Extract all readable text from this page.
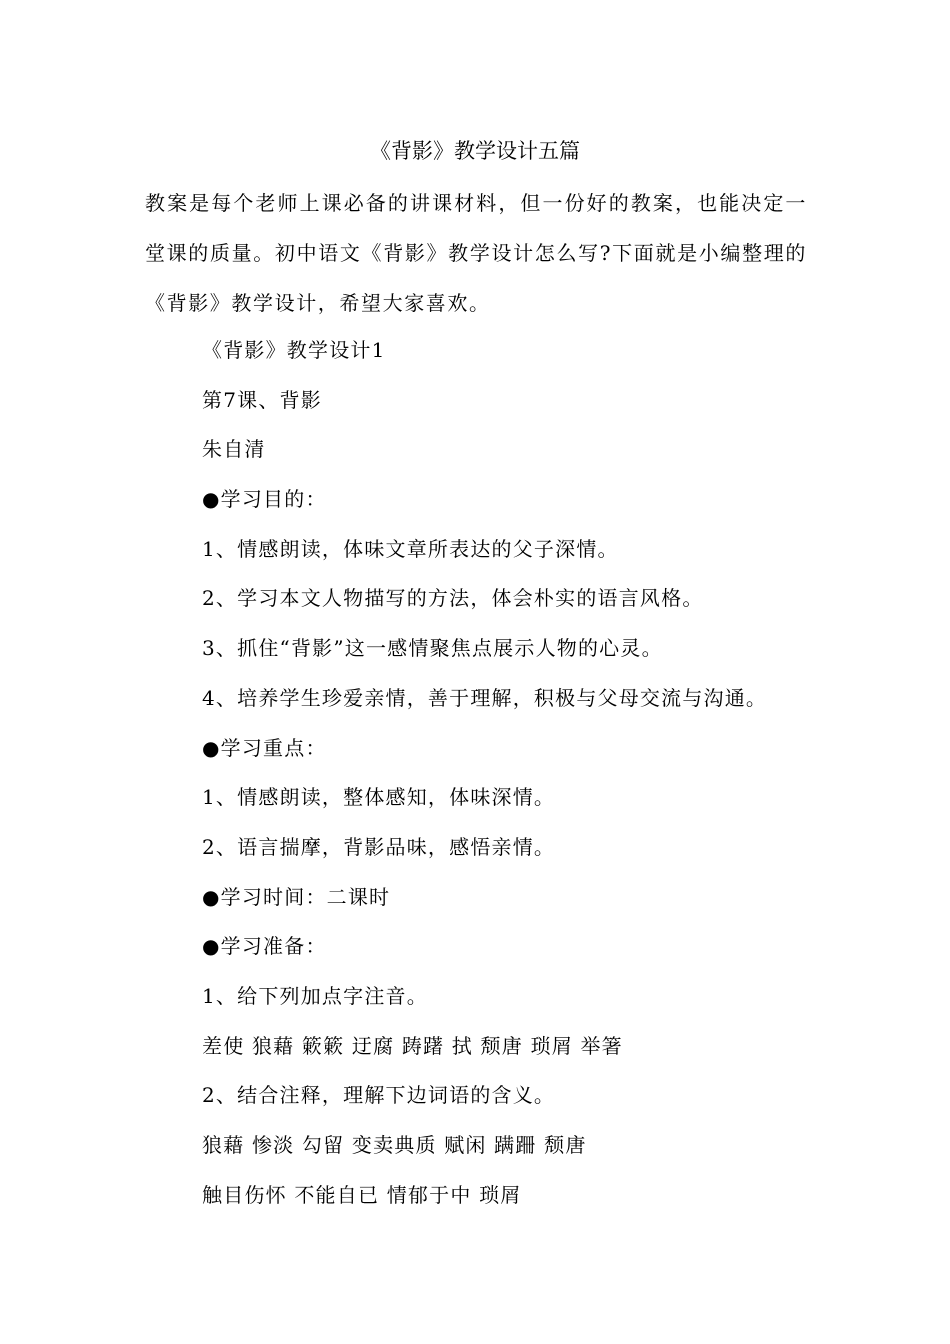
《背影》教学设计五篇

教案是每个老师上课必备的讲课材料，但一份好的教案，也能决定一堂课的质量。初中语文《背影》教学设计怎么写?下面就是小编整理的《背影》教学设计，希望大家喜欢。

《背影》教学设计1
第7课、背影
朱自清
●学习目的：
1、情感朗读，体味文章所表达的父子深情。
2、学习本文人物描写的方法，体会朴实的语言风格。
3、抓住“背影”这一感情聚焦点展示人物的心灵。
4、培养学生珍爱亲情，善于理解，积极与父母交流与沟通。
●学习重点：
1、情感朗读，整体感知，体味深情。
2、语言揣摩，背影品味，感悟亲情。
●学习时间：二课时
●学习准备：
1、给下列加点字注音。
差使 狼藉 簌簌 迂腐 踌躇 拭 颓唐 琐屑 举箸
2、结合注释，理解下边词语的含义。
狼藉 惨淡 勾留 变卖典质 赋闲 蹒跚 颓唐
触目伤怀 不能自已 情郁于中 琐屑
